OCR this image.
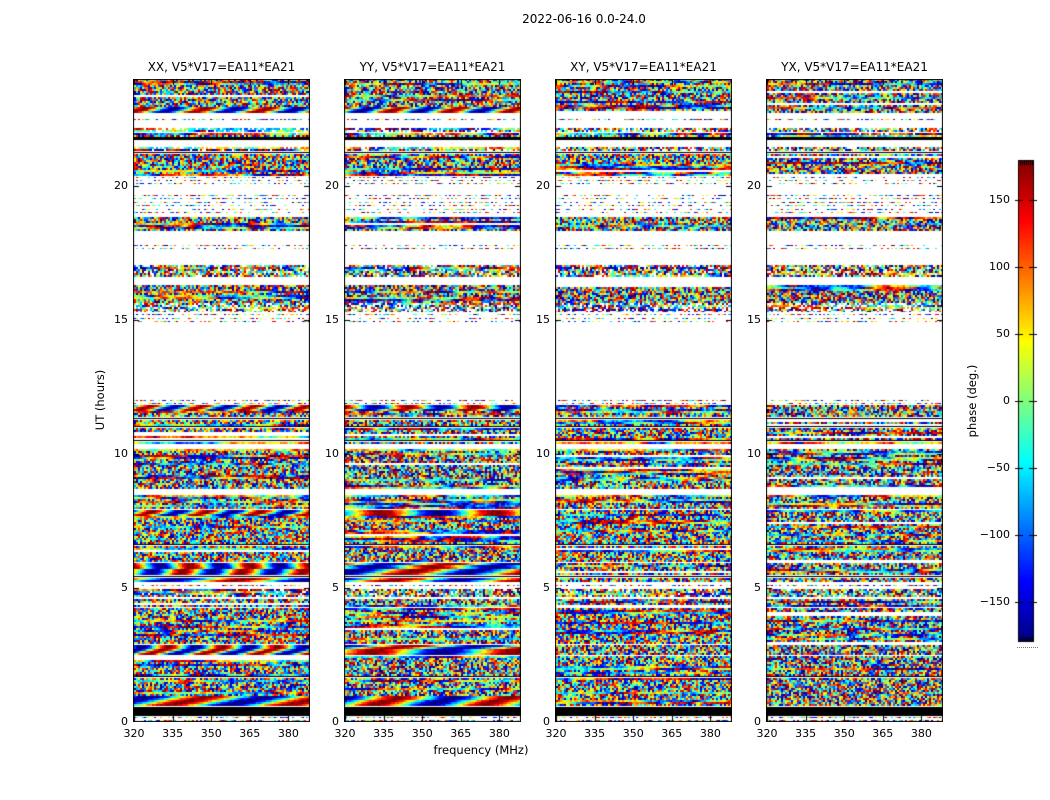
2022-06-16 0.0-24.0
XX, V5*V17=EA11*EA21
0
5
10
15
20
320	335	350	365	380
YY, V5*V17=EA11*EA21
0
5
10
15
20
320	335	350	365	380
XY, V5*V17=EA11*EA21
0
5
10
15
20
320	335	350	365	380
YX, V5*V17=EA11*EA21
0
5
10
15
20
320	335	350	365	380
UT (hours)
frequency (MHz)
phase (deg.)
150
100
50
0
−50
−100
−150
